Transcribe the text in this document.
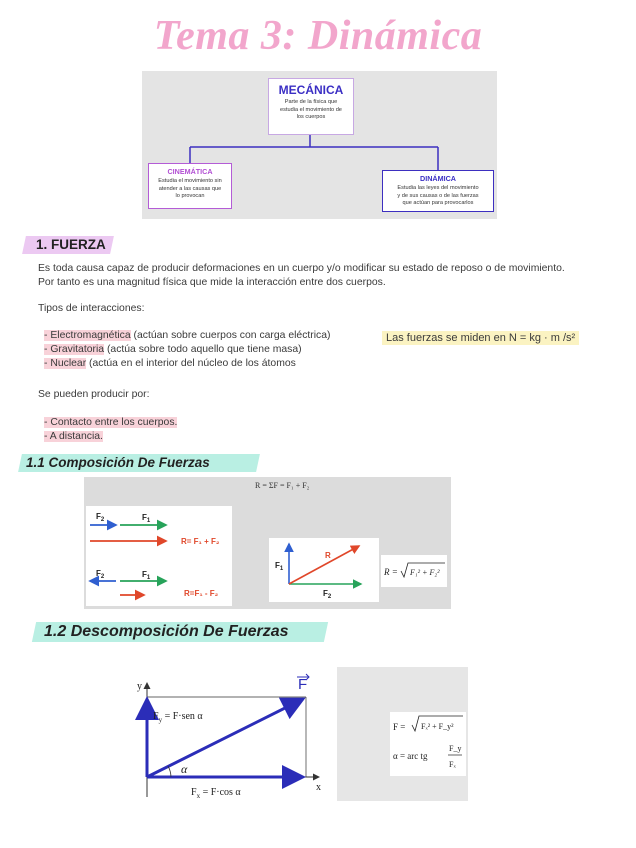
Tema 3: Dinámica
MECÁNICA
Parte de la física que
estudia el movimiento de
los cuerpos
CINEMÁTICA
Estudia el movimiento sin
atender a las causas que
lo provocan
DINÁMICA
Estudia las leyes del movimiento
y de sus causas o de las fuerzas
que actúan para provocarlos
1. FUERZA
Es toda causa capaz de producir deformaciones en un cuerpo y/o modificar su estado de reposo o de movimiento.
Por tanto es una magnitud física que mide la interacción entre dos cuerpos.
Tipos de interacciones:
- Electromagnética (actúan sobre cuerpos con carga eléctrica)
- Gravitatoria (actúa sobre todo aquello que tiene masa)
- Nuclear (actúa en el interior del núcleo de los átomos
Las fuerzas se miden en N = kg · m /s²
Se pueden producir por:
- Contacto entre los cuerpos.
- A distancia.
1.1 Composición De Fuerzas
R = ΣF = F₁ + F₂
$F_2$	$F_1$
$F_2$	$F_1$
R= F₁ + F₂
R=F₁ - F₂
$F_1$
$F_2$
R
R = F₁² + F₂²
1.2 Descomposición De Fuerzas
y
x
F
α
$F_y = F\cdot sen$ α
$F_x = F\cdot\cos$ α
F = Fₓ² + F_y²
α = arc tg
F_y
Fₓ
